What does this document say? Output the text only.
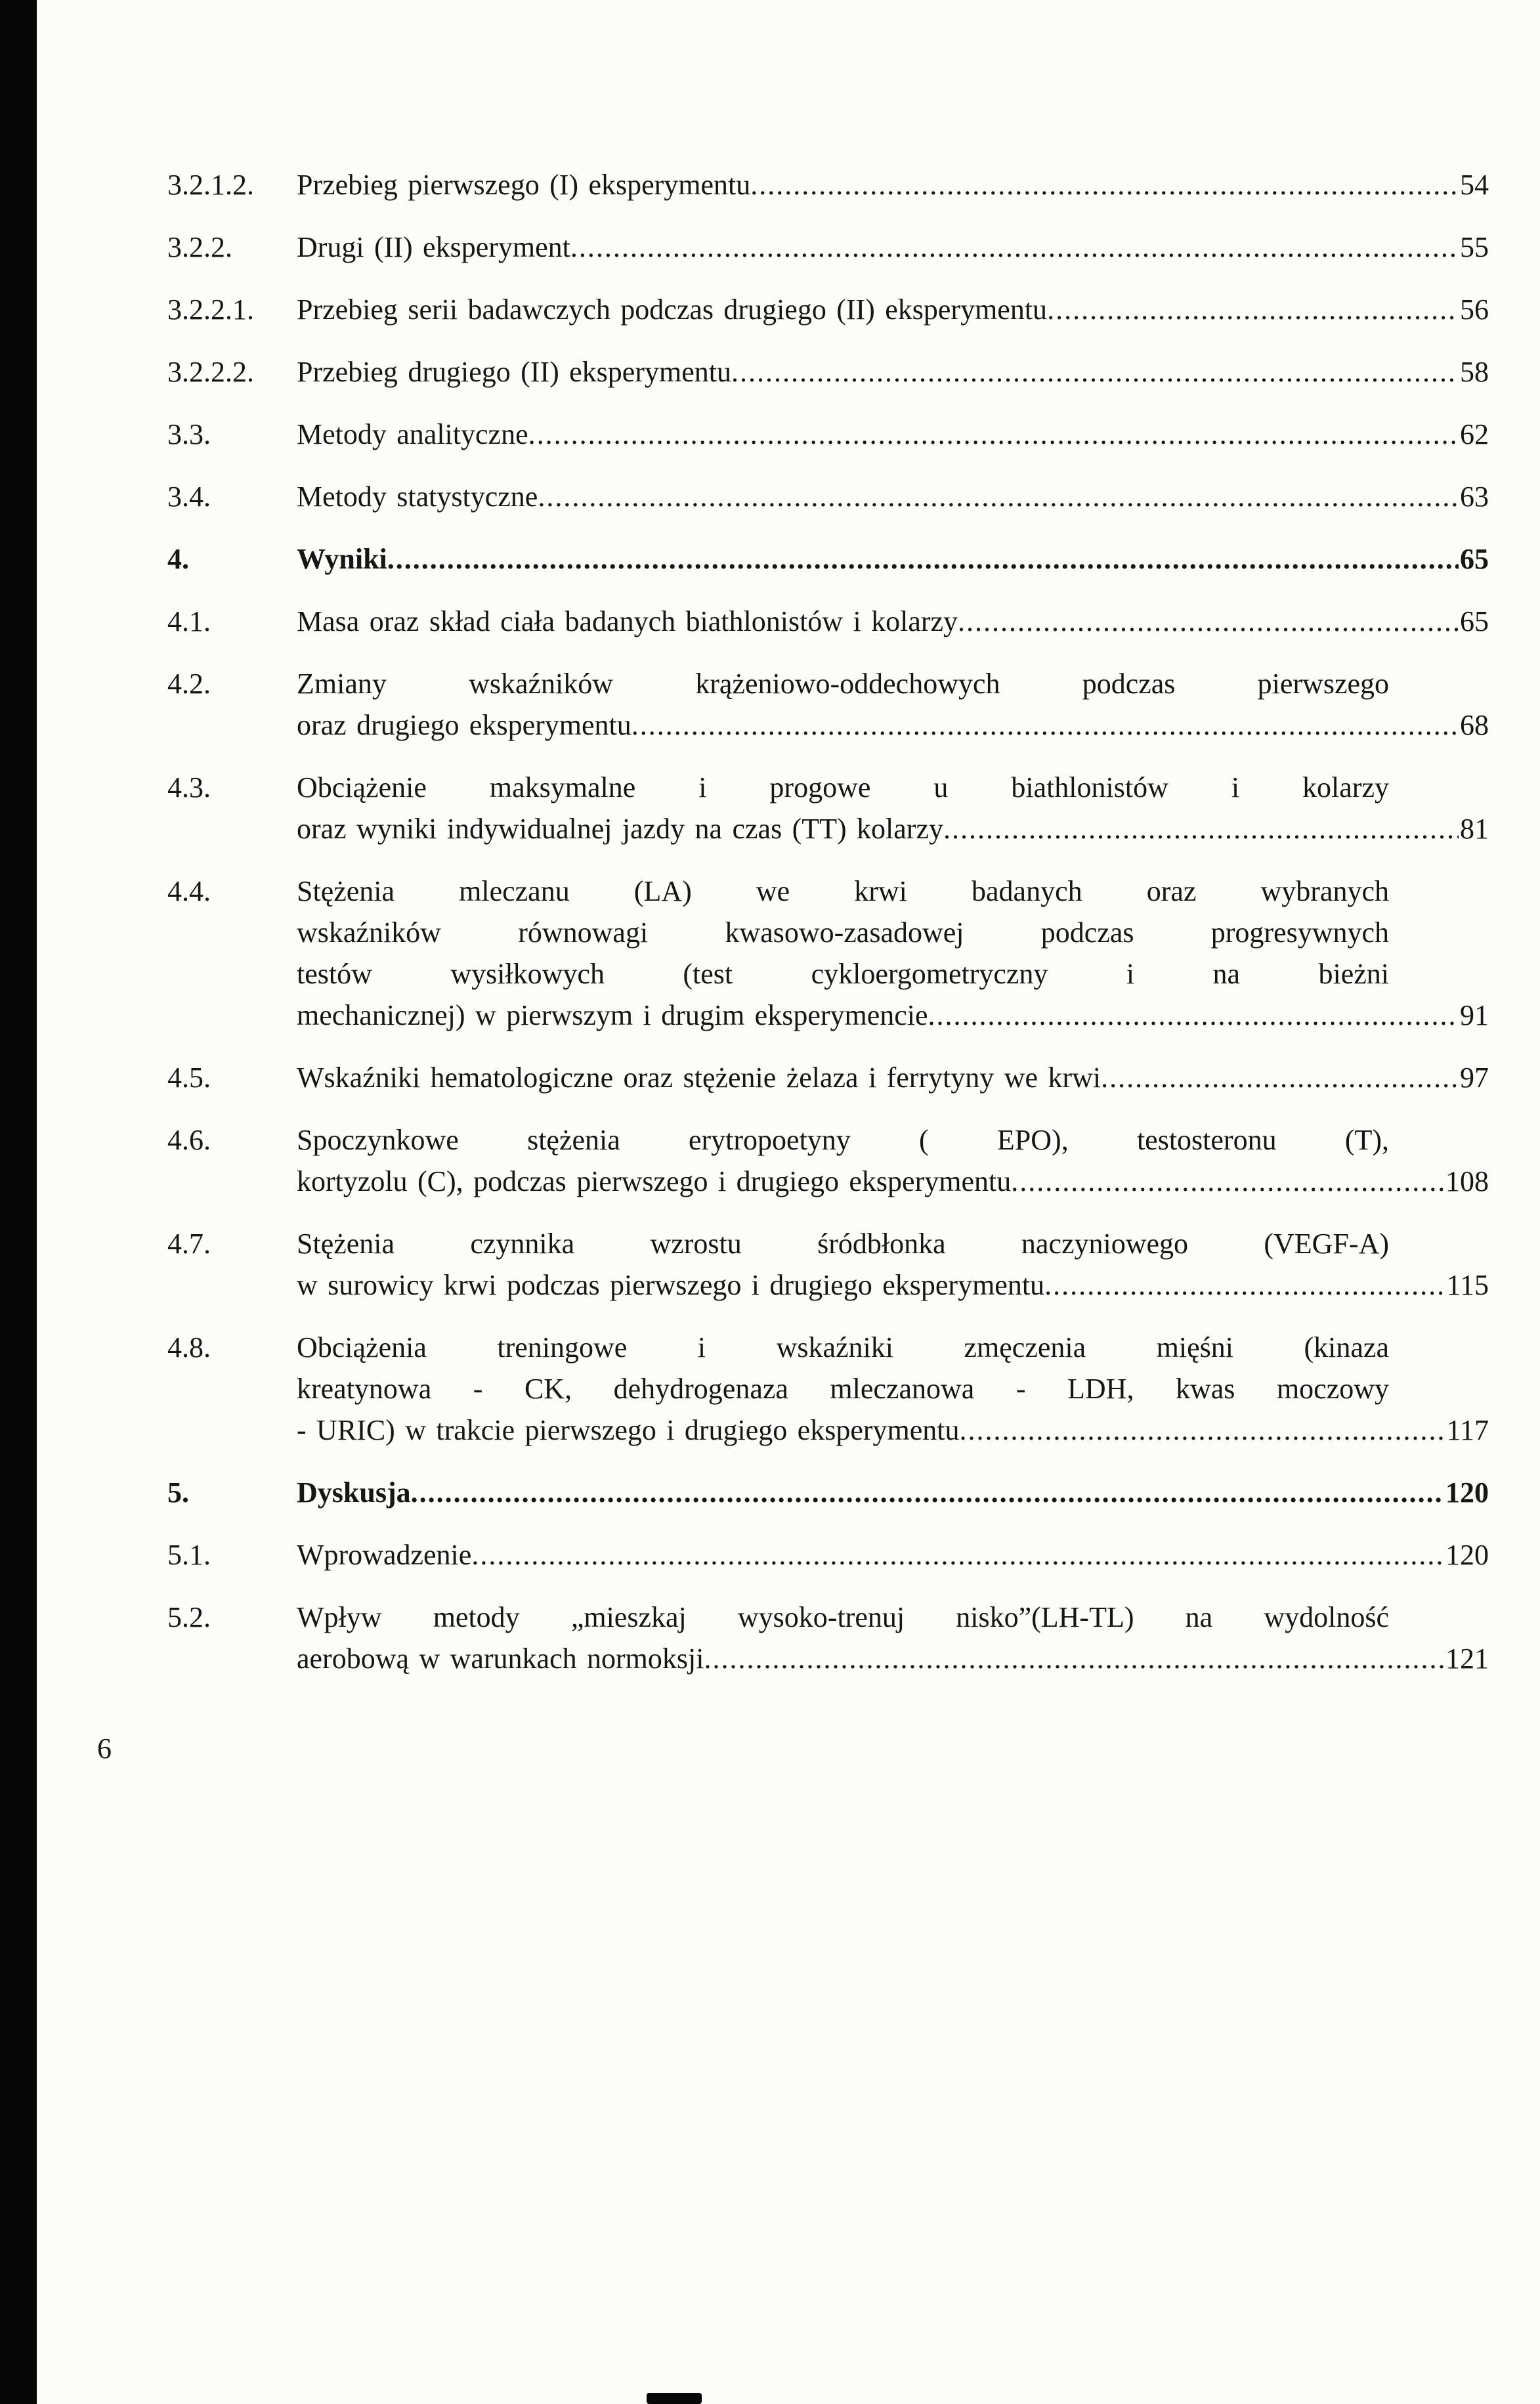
3.2.1.2.	Przebieg pierwszego (I) eksperymentu .....	54
3.2.2.	Drugi (II) eksperyment .....	55
3.2.2.1.	Przebieg serii badawczych podczas drugiego (II) eksperymentu .....	56
3.2.2.2.	Przebieg drugiego (II) eksperymentu .....	58
3.3.	Metody analityczne .....	62
3.4.	Metody statystyczne .....	63
4.	Wyniki .....	65
4.1.	Masa oraz skład ciała badanych biathlonistów i kolarzy .....	65
4.2.	Zmiany wskaźników krążeniowo-oddechowych podczas pierwszego
oraz drugiego eksperymentu .....	68
4.3.	Obciążenie maksymalne i progowe u biathlonistów i kolarzy
oraz wyniki indywidualnej jazdy na czas (TT) kolarzy .....	81
4.4.	Stężenia mleczanu (LA) we krwi badanych oraz wybranych
wskaźników równowagi kwasowo-zasadowej podczas progresywnych
testów wysiłkowych (test cykloergometryczny i na bieżni
mechanicznej) w pierwszym i drugim eksperymencie .....	91
4.5.	Wskaźniki hematologiczne oraz stężenie żelaza i ferrytyny we krwi .....	97
4.6.	Spoczynkowe stężenia erytropoetyny ( EPO), testosteronu (T),
kortyzolu (C), podczas pierwszego i drugiego eksperymentu .....	108
4.7.	Stężenia czynnika wzrostu śródbłonka naczyniowego (VEGF-A)
w surowicy krwi podczas pierwszego i drugiego eksperymentu .....	115
4.8.	Obciążenia treningowe i wskaźniki zmęczenia mięśni (kinaza
kreatynowa - CK, dehydrogenaza mleczanowa - LDH, kwas moczowy
- URIC) w trakcie pierwszego i drugiego eksperymentu .....	117
5.	Dyskusja .....	120
5.1.	Wprowadzenie .....	120
5.2.	Wpływ metody „mieszkaj wysoko-trenuj nisko”(LH-TL) na wydolność
aerobową w warunkach normoksji .....	121
6
